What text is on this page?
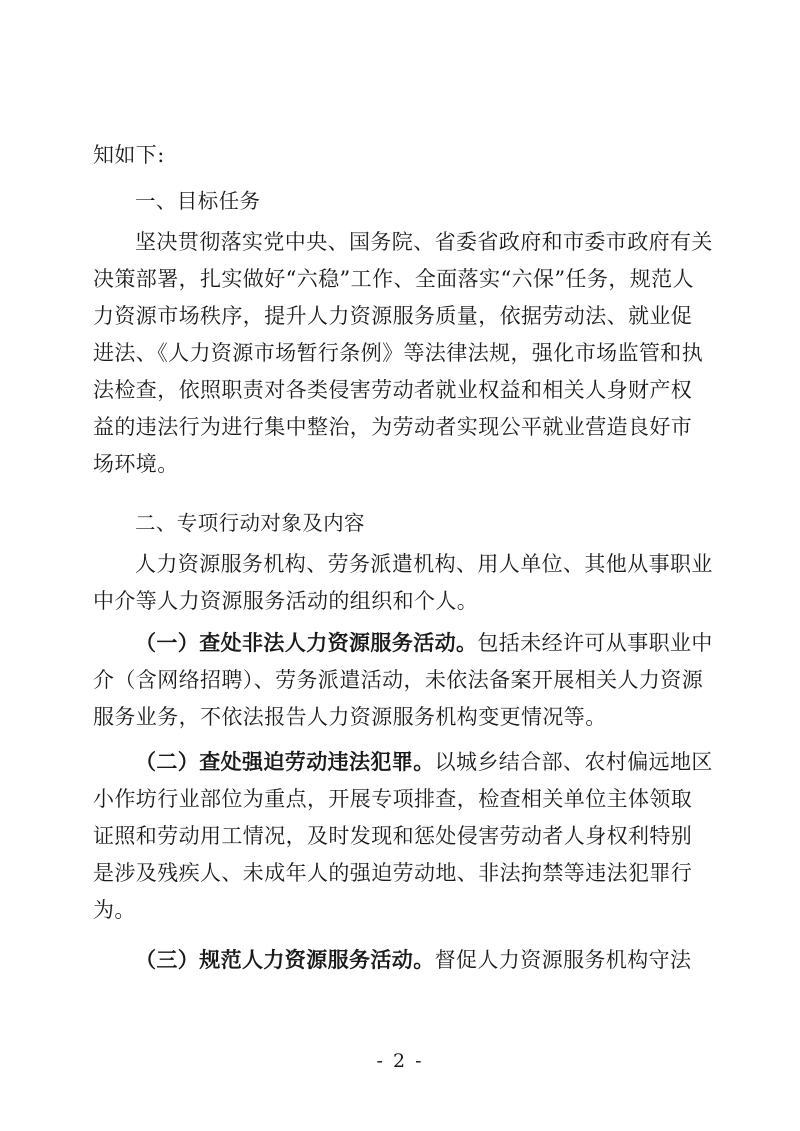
知如下:

一、目标任务

坚决贯彻落实党中央、国务院、省委省政府和市委市政府有关决策部署，扎实做好“六稳”工作、全面落实“六保”任务，规范人力资源市场秩序，提升人力资源服务质量，依据劳动法、就业促进法、《人力资源市场暂行条例》等法律法规，强化市场监管和执法检查，依照职责对各类侵害劳动者就业权益和相关人身财产权益的违法行为进行集中整治，为劳动者实现公平就业营造良好市场环境。

二、专项行动对象及内容

人力资源服务机构、劳务派遣机构、用人单位、其他从事职业中介等人力资源服务活动的组织和个人。

（一）查处非法人力资源服务活动。包括未经许可从事职业中介（含网络招聘）、劳务派遣活动，未依法备案开展相关人力资源服务业务，不依法报告人力资源服务机构变更情况等。

（二）查处强迫劳动违法犯罪。以城乡结合部、农村偏远地区小作坊行业部位为重点，开展专项排查，检查相关单位主体领取证照和劳动用工情况，及时发现和惩处侵害劳动者人身权利特别是涉及残疾人、未成年人的强迫劳动地、非法拘禁等违法犯罪行为。

（三）规范人力资源服务活动。督促人力资源服务机构守法

- 2 -
